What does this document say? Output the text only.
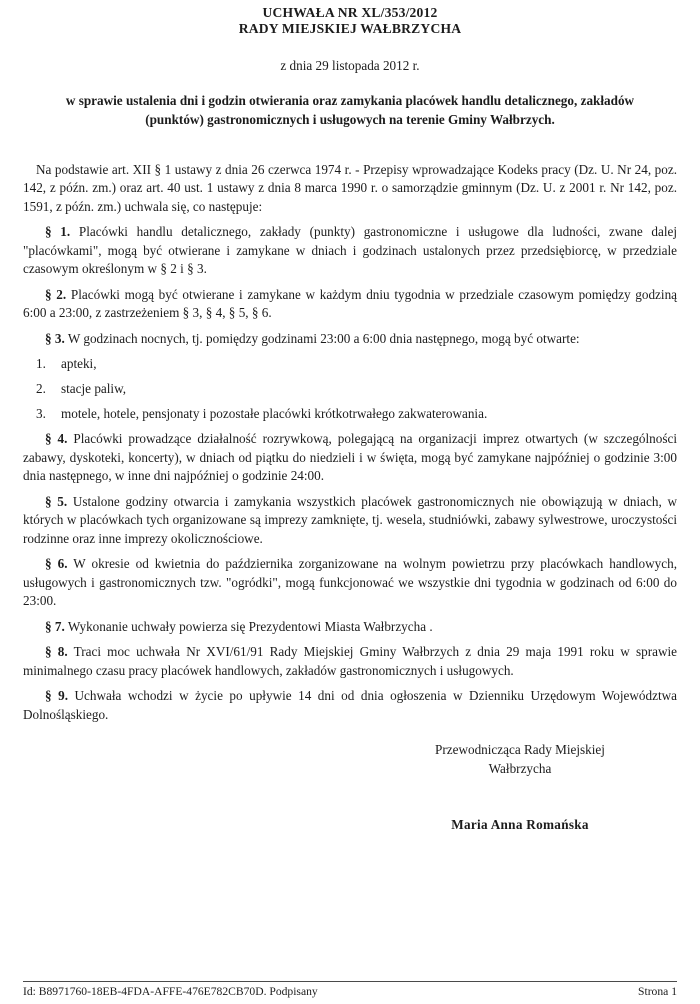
UCHWAŁA NR XL/353/2012
RADY MIEJSKIEJ WAŁBRZYCHA
z dnia 29 listopada 2012 r.
w sprawie ustalenia dni i godzin otwierania oraz zamykania placówek handlu detalicznego, zakładów (punktów) gastronomicznych i usługowych na terenie Gminy Wałbrzych.

Na podstawie art. XII § 1 ustawy z dnia 26 czerwca 1974 r. - Przepisy wprowadzające Kodeks pracy (Dz. U. Nr 24, poz. 142, z późn. zm.) oraz art. 40 ust. 1 ustawy z dnia 8 marca 1990 r. o samorządzie gminnym (Dz. U. z 2001 r. Nr 142, poz. 1591, z późn. zm.) uchwala się, co następuje:

§ 1. Placówki handlu detalicznego, zakłady (punkty) gastronomiczne i usługowe dla ludności, zwane dalej "placówkami", mogą być otwierane i zamykane w dniach i godzinach ustalonych przez przedsiębiorcę, w przedziale czasowym określonym w § 2 i § 3.

§ 2. Placówki mogą być otwierane i zamykane w każdym dniu tygodnia w przedziale czasowym pomiędzy godziną 6:00 a 23:00, z zastrzeżeniem § 3, § 4, § 5, § 6.

§ 3. W godzinach nocnych, tj. pomiędzy godzinami 23:00 a 6:00 dnia następnego, mogą być otwarte:

1. apteki,
2. stacje paliw,
3. motele, hotele, pensjonaty i pozostałe placówki krótkotrwałego zakwaterowania.

§ 4. Placówki prowadzące działalność rozrywkową, polegającą na organizacji imprez otwartych (w szczególności zabawy, dyskoteki, koncerty), w dniach od piątku do niedzieli i w święta, mogą być zamykane najpóźniej o godzinie 3:00 dnia następnego, w inne dni najpóźniej o godzinie 24:00.

§ 5. Ustalone godziny otwarcia i zamykania wszystkich placówek gastronomicznych nie obowiązują w dniach, w których w placówkach tych organizowane są imprezy zamknięte, tj. wesela, studniówki, zabawy sylwestrowe, uroczystości rodzinne oraz inne imprezy okolicznościowe.

§ 6. W okresie od kwietnia do października zorganizowane na wolnym powietrzu przy placówkach handlowych, usługowych i gastronomicznych tzw. "ogródki", mogą funkcjonować we wszystkie dni tygodnia w godzinach od 6:00 do 23:00.

§ 7. Wykonanie uchwały powierza się Prezydentowi Miasta Wałbrzycha .

§ 8. Traci moc uchwała Nr XVI/61/91 Rady Miejskiej Gminy Wałbrzych z dnia 29 maja 1991 roku w sprawie minimalnego czasu pracy placówek handlowych, zakładów gastronomicznych i usługowych.

§ 9. Uchwała wchodzi w życie po upływie 14 dni od dnia ogłoszenia w Dzienniku Urzędowym Województwa Dolnośląskiego.

Przewodnicząca Rady Miejskiej
Wałbrzycha
Maria Anna Romańska
Id: B8971760-18EB-4FDA-AFFE-476E782CB70D. Podpisany	Strona 1
